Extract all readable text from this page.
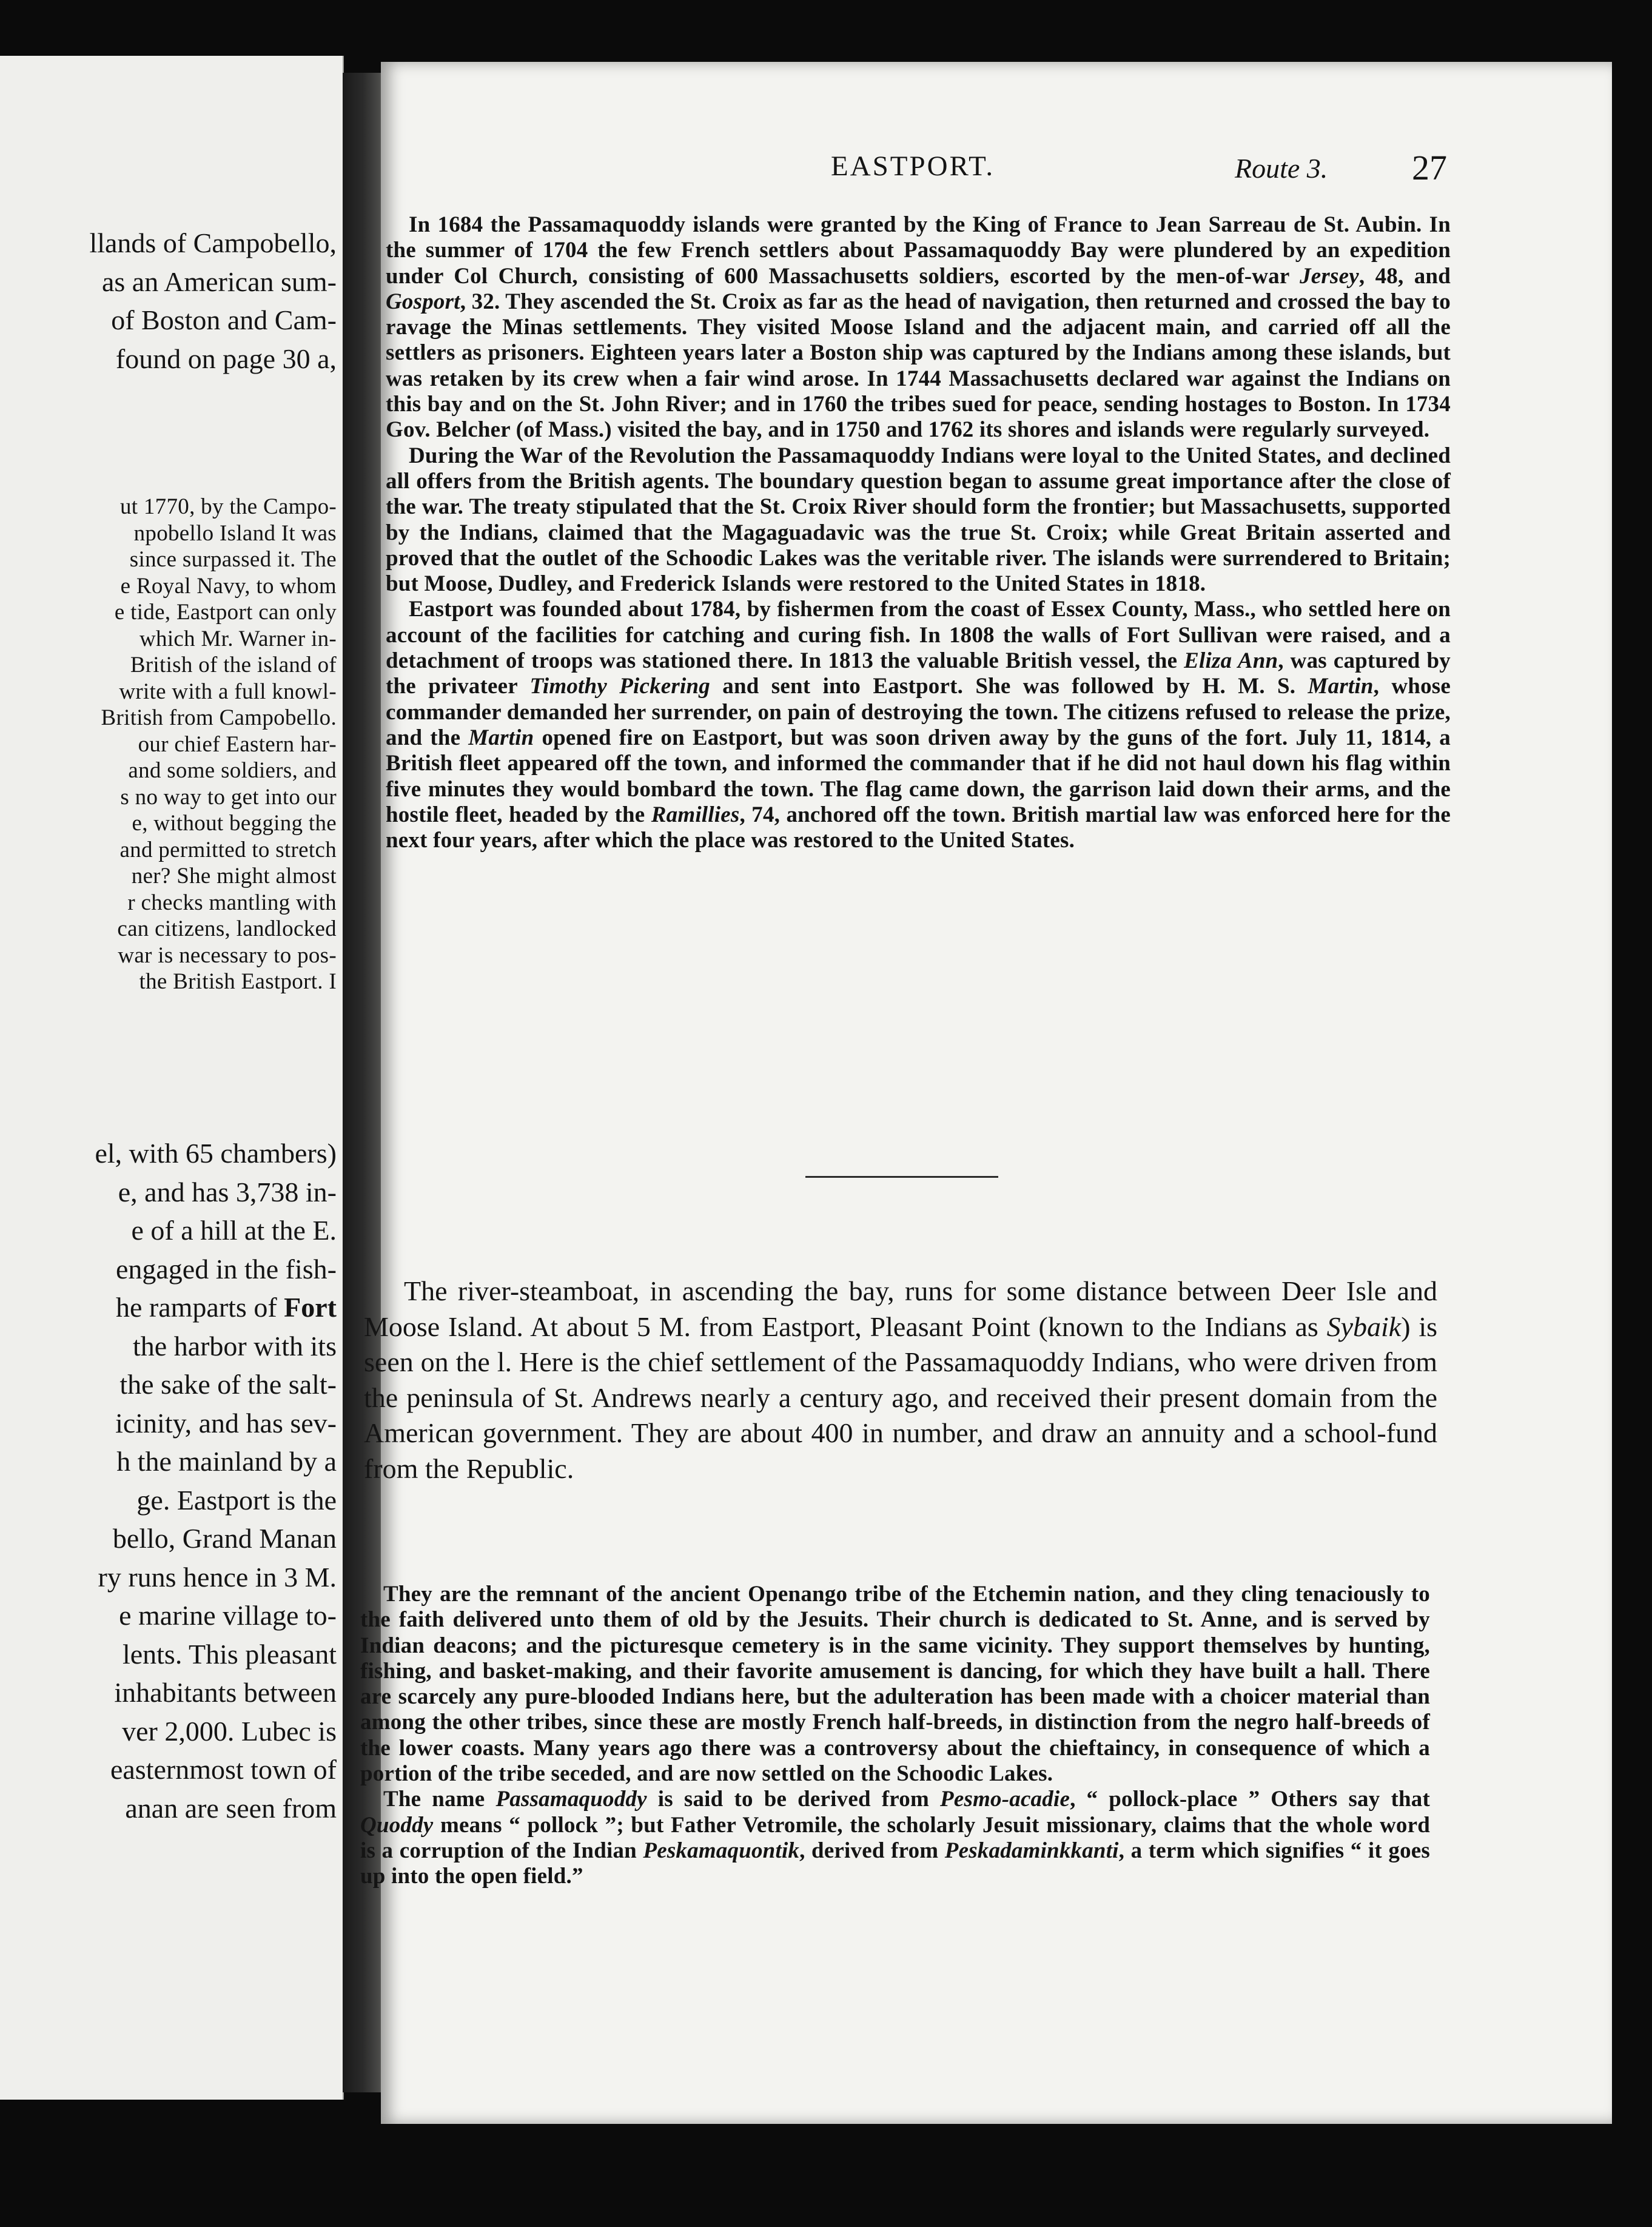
llands of Campobello,
as an American sum-
of Boston and Cam-
found on page 30 a,
ut 1770, by the Campo-
npobello Island It was
since surpassed it. The
e Royal Navy, to whom
e tide, Eastport can only
which Mr. Warner in-
British of the island of
write with a full knowl-
British from Campobello.
our chief Eastern har-
and some soldiers, and
s no way to get into our
e, without begging the
and permitted to stretch
ner? She might almost
r checks mantling with
can citizens, landlocked
war is necessary to pos-
the British Eastport. I
el, with 65 chambers)
e, and has 3,738 in-
e of a hill at the E.
engaged in the fish-
he ramparts of Fort
the harbor with its
the sake of the salt-
icinity, and has sev-
h the mainland by a
ge. Eastport is the
bello, Grand Manan
ry runs hence in 3 M.
e marine village to-
lents. This pleasant
inhabitants between
ver 2,000. Lubec is
easternmost town of
anan are seen from
EASTPORT.	Route 3. 27

In 1684 the Passamaquoddy islands were granted by the King of France to Jean Sarreau de St. Aubin. In the summer of 1704 the few French settlers about Passamaquoddy Bay were plundered by an expedition under Col Church, consisting of 600 Massachusetts soldiers, escorted by the men-of-war Jersey, 48, and Gosport, 32. They ascended the St. Croix as far as the head of navigation, then returned and crossed the bay to ravage the Minas settlements. They visited Moose Island and the adjacent main, and carried off all the settlers as prisoners. Eighteen years later a Boston ship was captured by the Indians among these islands, but was retaken by its crew when a fair wind arose. In 1744 Massachusetts declared war against the Indians on this bay and on the St. John River; and in 1760 the tribes sued for peace, sending hostages to Boston. In 1734 Gov. Belcher (of Mass.) visited the bay, and in 1750 and 1762 its shores and islands were regularly surveyed.

During the War of the Revolution the Passamaquoddy Indians were loyal to the United States, and declined all offers from the British agents. The boundary question began to assume great importance after the close of the war. The treaty stipulated that the St. Croix River should form the frontier; but Massachusetts, supported by the Indians, claimed that the Magaguadavic was the true St. Croix; while Great Britain asserted and proved that the outlet of the Schoodic Lakes was the veritable river. The islands were surrendered to Britain; but Moose, Dudley, and Frederick Islands were restored to the United States in 1818.

Eastport was founded about 1784, by fishermen from the coast of Essex County, Mass., who settled here on account of the facilities for catching and curing fish. In 1808 the walls of Fort Sullivan were raised, and a detachment of troops was stationed there. In 1813 the valuable British vessel, the Eliza Ann, was captured by the privateer Timothy Pickering and sent into Eastport. She was followed by H. M. S. Martin, whose commander demanded her surrender, on pain of destroying the town. The citizens refused to release the prize, and the Martin opened fire on Eastport, but was soon driven away by the guns of the fort. July 11, 1814, a British fleet appeared off the town, and informed the commander that if he did not haul down his flag within five minutes they would bombard the town. The flag came down, the garrison laid down their arms, and the hostile fleet, headed by the Ramillies, 74, anchored off the town. British martial law was enforced here for the next four years, after which the place was restored to the United States.

The river-steamboat, in ascending the bay, runs for some distance between Deer Isle and Moose Island. At about 5 M. from Eastport, Pleasant Point (known to the Indians as Sybaik) is seen on the l. Here is the chief settlement of the Passamaquoddy Indians, who were driven from the peninsula of St. Andrews nearly a century ago, and received their present domain from the American government. They are about 400 in number, and draw an annuity and a school-fund from the Republic.

They are the remnant of the ancient Openango tribe of the Etchemin nation, and they cling tenaciously to the faith delivered unto them of old by the Jesuits. Their church is dedicated to St. Anne, and is served by Indian deacons; and the picturesque cemetery is in the same vicinity. They support themselves by hunting, fishing, and basket-making, and their favorite amusement is dancing, for which they have built a hall. There are scarcely any pure-blooded Indians here, but the adulteration has been made with a choicer material than among the other tribes, since these are mostly French half-breeds, in distinction from the negro half-breeds of the lower coasts. Many years ago there was a controversy about the chieftaincy, in consequence of which a portion of the tribe seceded, and are now settled on the Schoodic Lakes.

The name Passamaquoddy is said to be derived from Pesmo-acadie, “ pollock-place ” Others say that Quoddy means “ pollock ”; but Father Vetromile, the scholarly Jesuit missionary, claims that the whole word is a corruption of the Indian Peskamaquontik, derived from Peskadaminkkanti, a term which signifies “ it goes up into the open field.”
